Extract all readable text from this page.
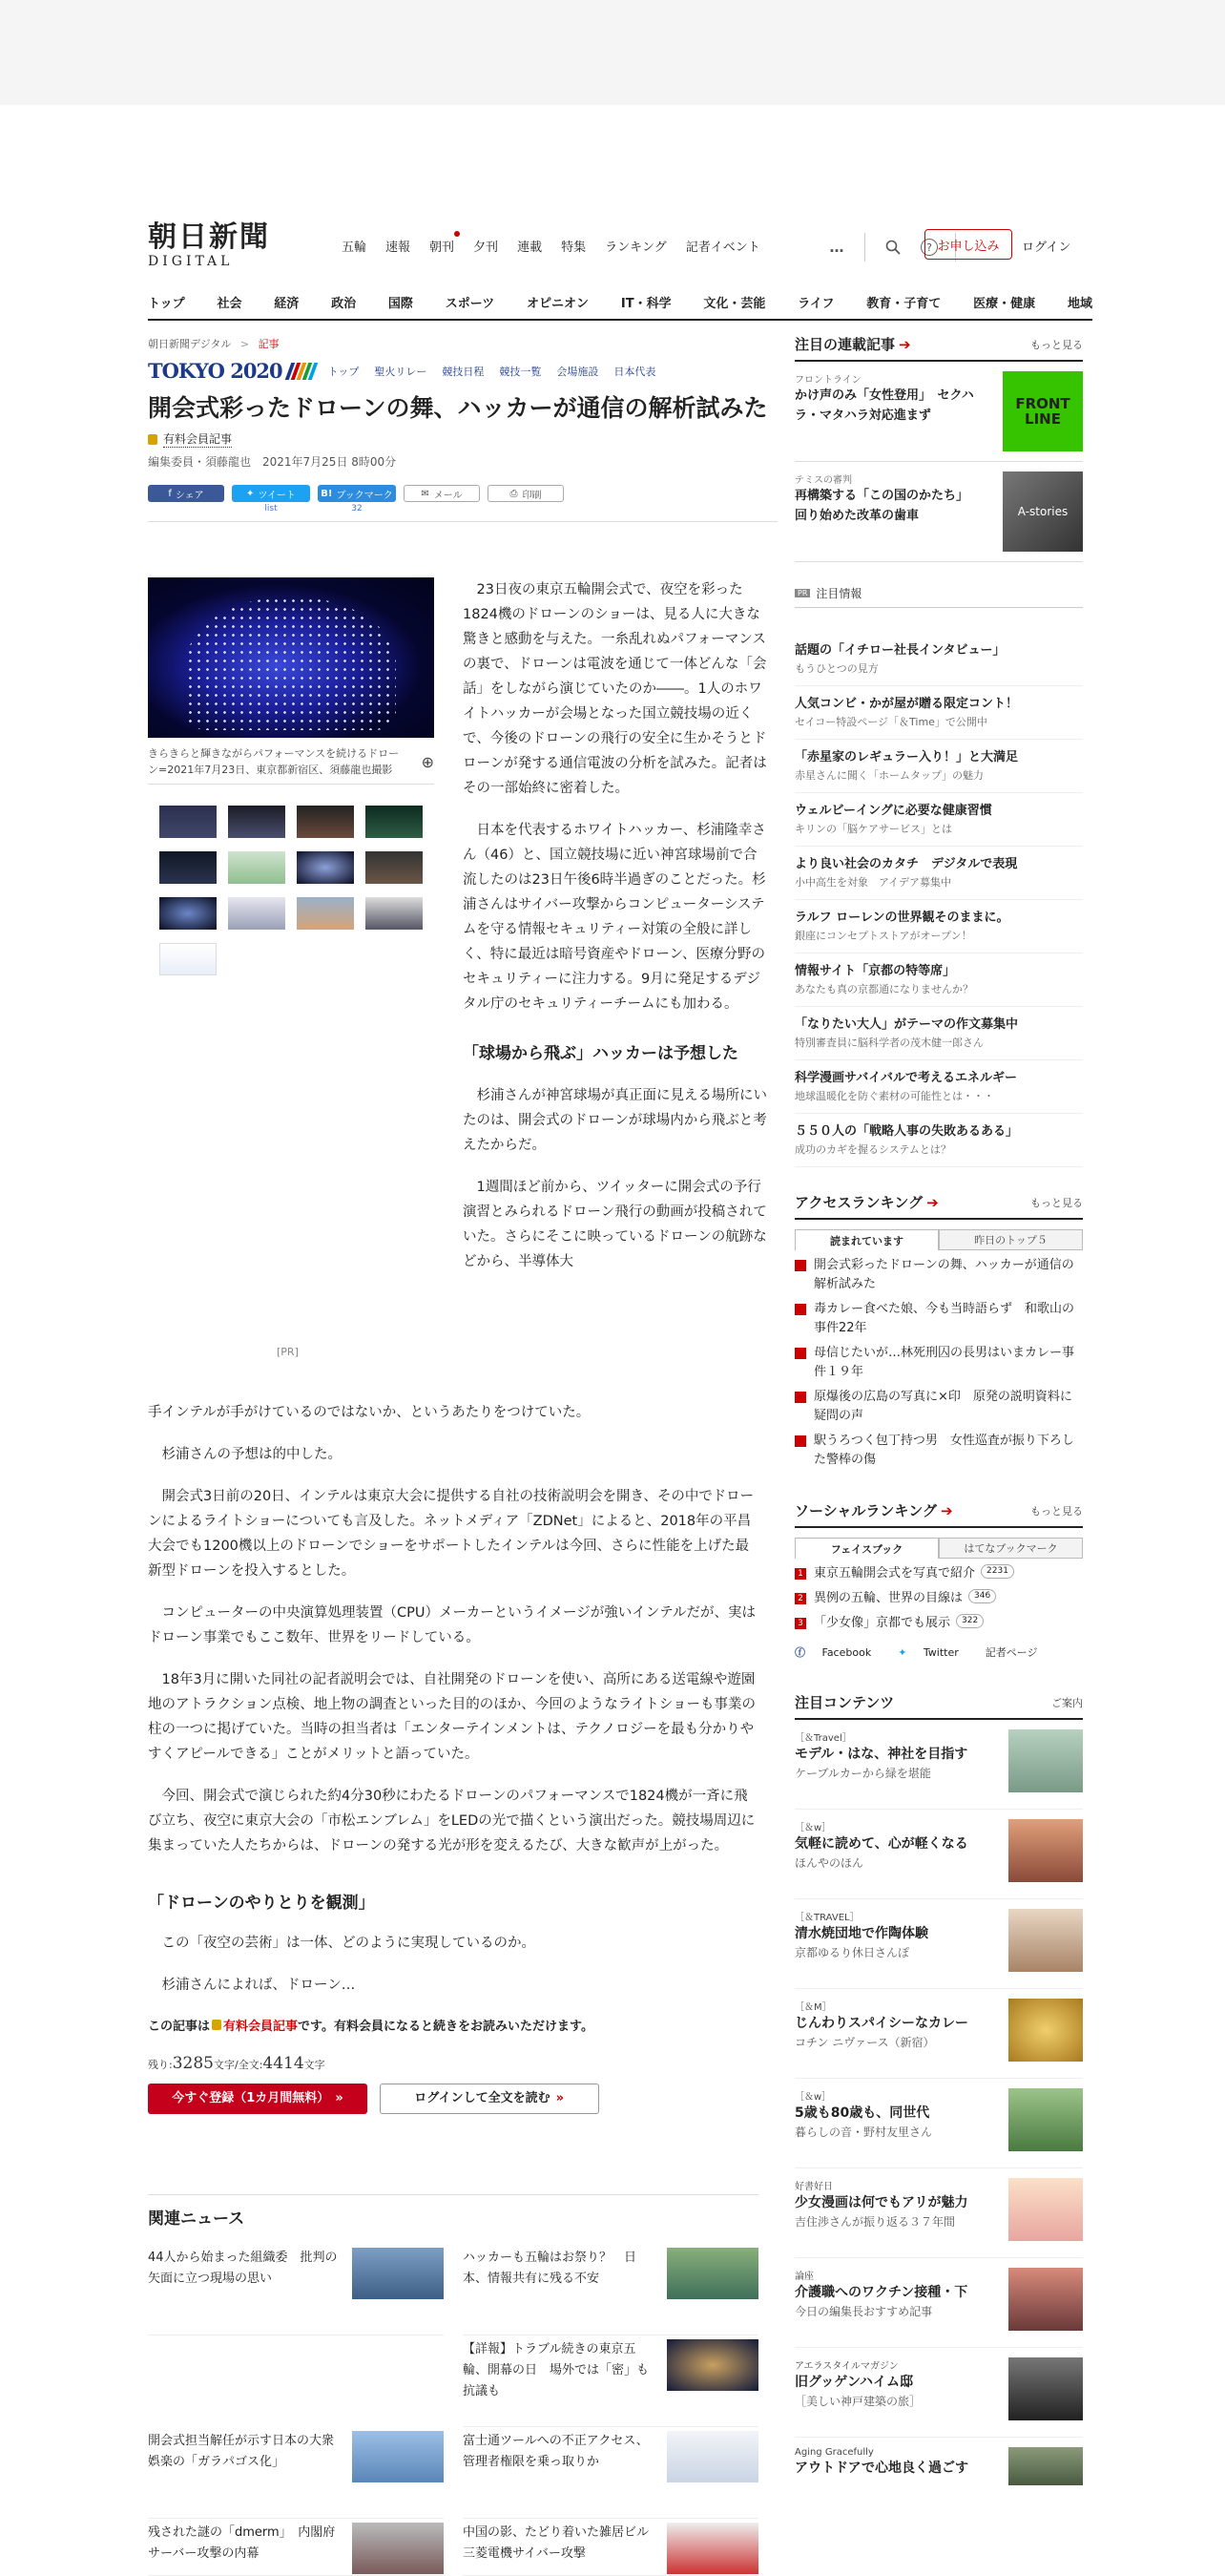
朝日新聞
DIGITAL
五輪 速報 朝刊 夕刊 連載 特集 ランキング 記者イベント	…	? お申し込み	ログイン
トップ	社会	経済	政治	国際	スポーツ	オピニオン	IT・科学	文化・芸能	ライフ	教育・子育て	医療・健康	地域
朝日新聞デジタル > 記事
TOKYO 2020	トップ 聖火リレー 競技日程 競技一覧 会場施設 日本代表
開会式彩ったドローンの舞、ハッカーが通信の解析試みた
有料会員記事
編集委員・須藤龍也　2021年7月25日 8時00分
f シェア	✦ ツイート
list
B! ブックマーク
32
✉ メール	⎙ 印刷
きらきらと輝きながらパフォーマンスを続けるドローン=2021年7月23日、東京都新宿区、須藤龍也撮影	⊕

23日夜の東京五輪開会式で、夜空を彩った1824機のドローンのショーは、見る人に大きな驚きと感動を与えた。一糸乱れぬパフォーマンスの裏で、ドローンは電波を通じて一体どんな「会話」をしながら演じていたのか――。1人のホワイトハッカーが会場となった国立競技場の近くで、今後のドローンの飛行の安全に生かそうとドローンが発する通信電波の分析を試みた。記者はその一部始終に密着した。

日本を代表するホワイトハッカー、杉浦隆幸さん（46）と、国立競技場に近い神宮球場前で合流したのは23日午後6時半過ぎのことだった。杉浦さんはサイバー攻撃からコンピューターシステムを守る情報セキュリティー対策の全般に詳しく、特に最近は暗号資産やドローン、医療分野のセキュリティーに注力する。9月に発足するデジタル庁のセキュリティーチームにも加わる。

「球場から飛ぶ」ハッカーは予想した

杉浦さんが神宮球場が真正面に見える場所にいたのは、開会式のドローンが球場内から飛ぶと考えたからだ。

1週間ほど前から、ツイッターに開会式の予行演習とみられるドローン飛行の動画が投稿されていた。さらにそこに映っているドローンの航跡などから、半導体大

[PR]

手インテルが手がけているのではないか、というあたりをつけていた。

杉浦さんの予想は的中した。

開会式3日前の20日、インテルは東京大会に提供する自社の技術説明会を開き、その中でドローンによるライトショーについても言及した。ネットメディア「ZDNet」によると、2018年の平昌大会でも1200機以上のドローンでショーをサポートしたインテルは今回、さらに性能を上げた最新型ドローンを投入するとした。

コンピューターの中央演算処理装置（CPU）メーカーというイメージが強いインテルだが、実はドローン事業でもここ数年、世界をリードしている。

18年3月に開いた同社の記者説明会では、自社開発のドローンを使い、高所にある送電線や遊園地のアトラクション点検、地上物の調査といった目的のほか、今回のようなライトショーも事業の柱の一つに掲げていた。当時の担当者は「エンターテインメントは、テクノロジーを最も分かりやすくアピールできる」ことがメリットと語っていた。

今回、開会式で演じられた約4分30秒にわたるドローンのパフォーマンスで1824機が一斉に飛び立ち、夜空に東京大会の「市松エンブレム」をLEDの光で描くという演出だった。競技場周辺に集まっていた人たちからは、ドローンの発する光が形を変えるたび、大きな歓声が上がった。

「ドローンのやりとりを観測」

この「夜空の芸術」は一体、どのように実現しているのか。

杉浦さんによれば、ドローン…

この記事は 有料会員記事です。有料会員になると続きをお読みいただけます。
残り:3285文字/全文:4414文字
今すぐ登録（1カ月間無料） »
	ログインして全文を読む »
関連ニュース
44人から始まった組織委　批判の矢面に立つ現場の思い
ハッカーも五輪はお祭り？　日本、情報共有に残る不安
【詳報】トラブル続きの東京五輪、開幕の日　場外では「密」も抗議も
開会式担当解任が示す日本の大衆娯楽の「ガラパゴス化」
富士通ツールへの不正アクセス、管理者権限を乗っ取りか
残された謎の「dmerm」　内閣府サーバー攻撃の内幕
中国の影、たどり着いた雑居ビル　三菱電機サイバー攻撃
注目の連載記事 ➔	もっと見る
フロントライン
かけ声のみ「女性登用」　セクハラ・マタハラ対応進まず
FRONT LINE
テミスの審判
再構築する「この国のかたち」　回り始めた改革の歯車	A-stories
PR 注目情報
話題の「イチロー社長インタビュー」
もうひとつの見方
人気コンビ・かが屋が贈る限定コント！
セイコー特設ページ「＆Time」で公開中
「赤星家のレギュラー入り！」と大満足
赤星さんに聞く「ホームタップ」の魅力
ウェルビーイングに必要な健康習慣
キリンの「脳ケアサービス」とは
より良い社会のカタチ　デジタルで表現
小中高生を対象　アイデア募集中
ラルフ ローレンの世界観そのままに。
銀座にコンセプトストアがオープン！
情報サイト「京都の特等席」
あなたも真の京都通になりませんか？
「なりたい大人」がテーマの作文募集中
特別審査員に脳科学者の茂木健一郎さん
科学漫画サバイバルで考えるエネルギー
地球温暖化を防ぐ素材の可能性とは・・・
５５０人の「戦略人事の失敗あるある」
成功のカギを握るシステムとは？
アクセスランキング ➔	もっと見る
読まれています	昨日のトップ５
開会式彩ったドローンの舞、ハッカーが通信の解析試みた
毒カレー食べた娘、今も当時語らず　和歌山の事件22年
母信じたいが…林死刑囚の長男はいまカレー事件１９年
原爆後の広島の写真に×印　原発の説明資料に疑問の声
駅うろつく包丁持つ男　女性巡査が振り下ろした警棒の傷
ソーシャルランキング ➔	もっと見る
フェイスブック	はてなブックマーク
1 東京五輪開会式を写真で紹介	2231
2 異例の五輪、世界の目線は	346
3 「少女像」京都でも展示	322
ⓕ Facebook	✦ Twitter	記者ページ
注目コンテンツ	ご案内
［＆Travel］
モデル・はな、神社を目指す
ケーブルカーから緑を堪能
［＆w］
気軽に読めて、心が軽くなる
ほんやのほん
［＆TRAVEL］
清水焼団地で作陶体験
京都ゆるり休日さんぽ
［＆M］
じんわりスパイシーなカレー
コチン ニヴァース（新宿）
［＆w］
5歳も80歳も、同世代
暮らしの音・野村友里さん
好書好日
少女漫画は何でもアリが魅力
吉住渉さんが振り返る３７年間
論座
介護職へのワクチン接種・下
今日の編集長おすすめ記事
アエラスタイルマガジン
旧グッゲンハイム邸
［美しい神戸建築の旅］
Aging Gracefully
アウトドアで心地良く過ごす
